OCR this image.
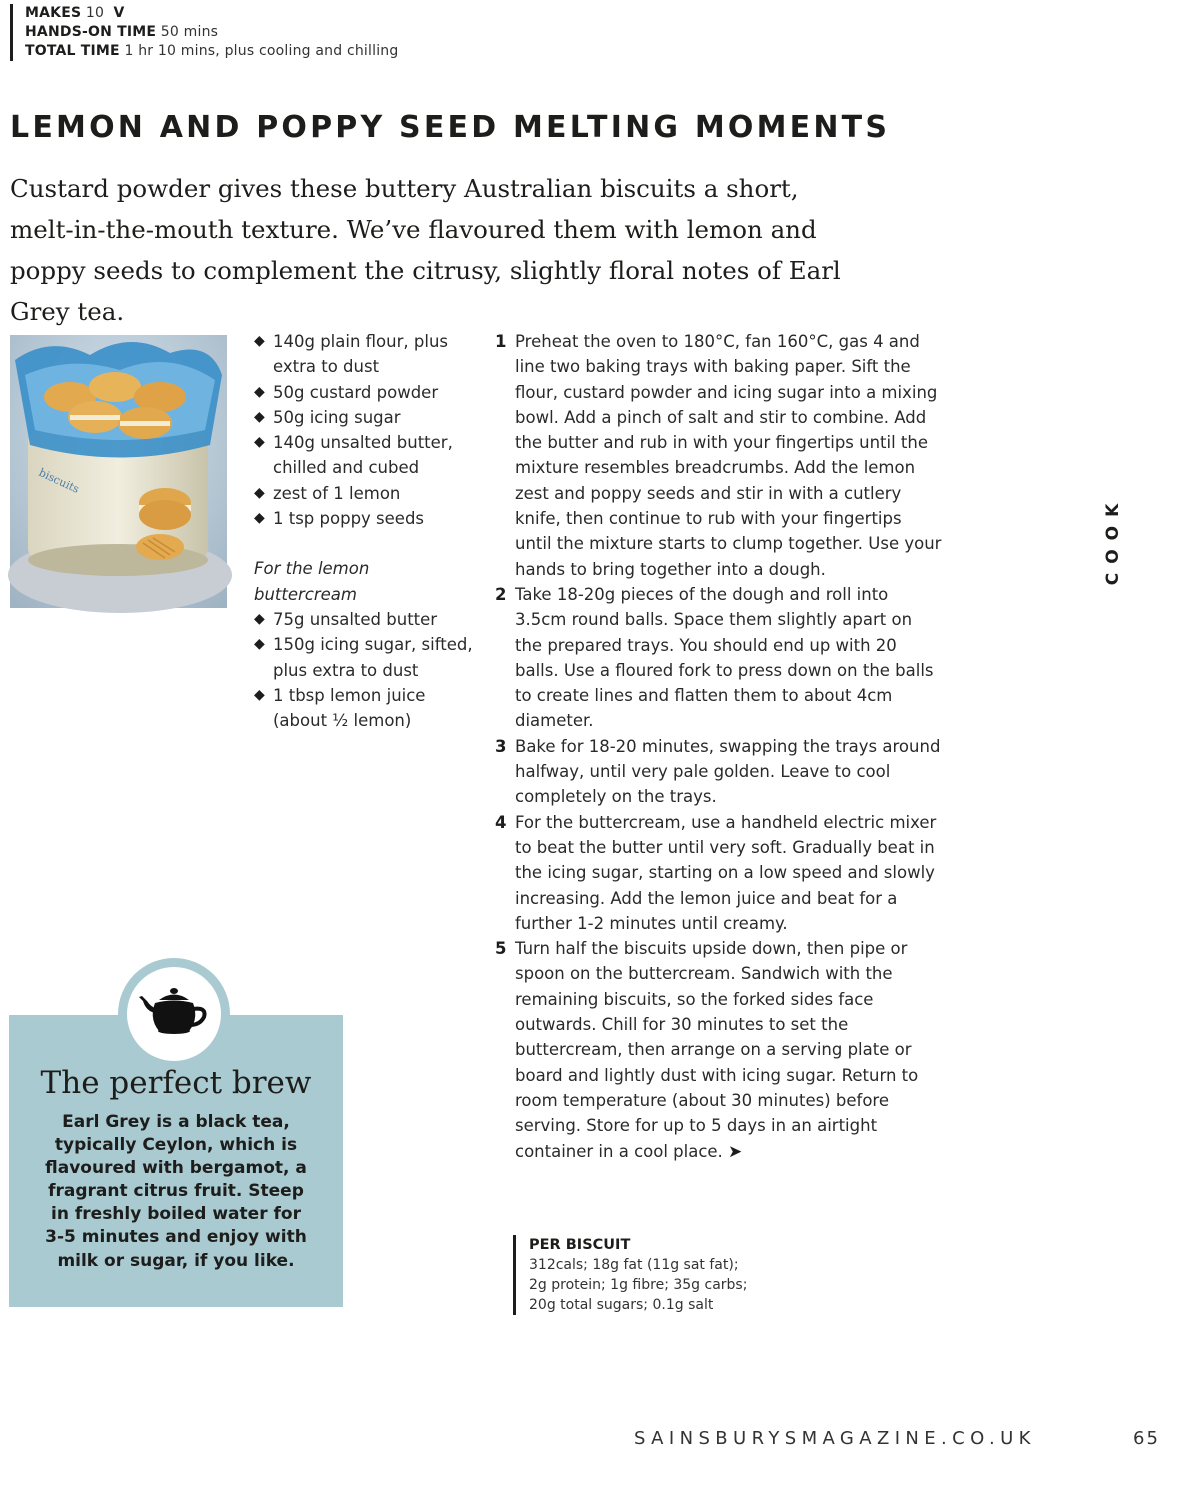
MAKES 10 V
HANDS-ON TIME 50 mins
TOTAL TIME 1 hr 10 mins, plus cooling and chilling
LEMON AND POPPY SEED MELTING MOMENTS

Custard powder gives these buttery Australian biscuits a short, melt-in-the-mouth texture. We’ve flavoured them with lemon and poppy seeds to complement the citrusy, slightly floral notes of Earl Grey tea.

biscuits
◆ 140g plain flour, plus extra to dust
◆ 50g custard powder
◆ 50g icing sugar
◆ 140g unsalted butter, chilled and cubed
◆ zest of 1 lemon
◆ 1 tsp poppy seeds
For the lemon buttercream
◆ 75g unsalted butter
◆ 150g icing sugar, sifted, plus extra to dust
◆ 1 tbsp lemon juice (about ½ lemon)
1 Preheat the oven to 180°C, fan 160°C, gas 4 and line two baking trays with baking paper. Sift the flour, custard powder and icing sugar into a mixing bowl. Add a pinch of salt and stir to combine. Add the butter and rub in with your fingertips until the mixture resembles breadcrumbs. Add the lemon zest and poppy seeds and stir in with a cutlery knife, then continue to rub with your fingertips until the mixture starts to clump together. Use your hands to bring together into a dough.
2 Take 18-20g pieces of the dough and roll into 3.5cm round balls. Space them slightly apart on the prepared trays. You should end up with 20 balls. Use a floured fork to press down on the balls to create lines and flatten them to about 4cm diameter.
3 Bake for 18-20 minutes, swapping the trays around halfway, until very pale golden. Leave to cool completely on the trays.
4 For the buttercream, use a handheld electric mixer to beat the butter until very soft. Gradually beat in the icing sugar, starting on a low speed and slowly increasing. Add the lemon juice and beat for a further 1-2 minutes until creamy.
5 Turn half the biscuits upside down, then pipe or spoon on the buttercream. Sandwich with the remaining biscuits, so the forked sides face outwards. Chill for 30 minutes to set the buttercream, then arrange on a serving plate or board and lightly dust with icing sugar. Return to room temperature (about 30 minutes) before serving. Store for up to 5 days in an airtight container in a cool place. ➤
PER BISCUIT
312cals; 18g fat (11g sat fat);
2g protein; 1g fibre; 35g carbs;
20g total sugars; 0.1g salt
COOK
The perfect brew

Earl Grey is a black tea, typically Ceylon, which is flavoured with bergamot, a fragrant citrus fruit. Steep in freshly boiled water for 3-5 minutes and enjoy with milk or sugar, if you like.

SAINSBURYSMAGAZINE.CO.UK	65
